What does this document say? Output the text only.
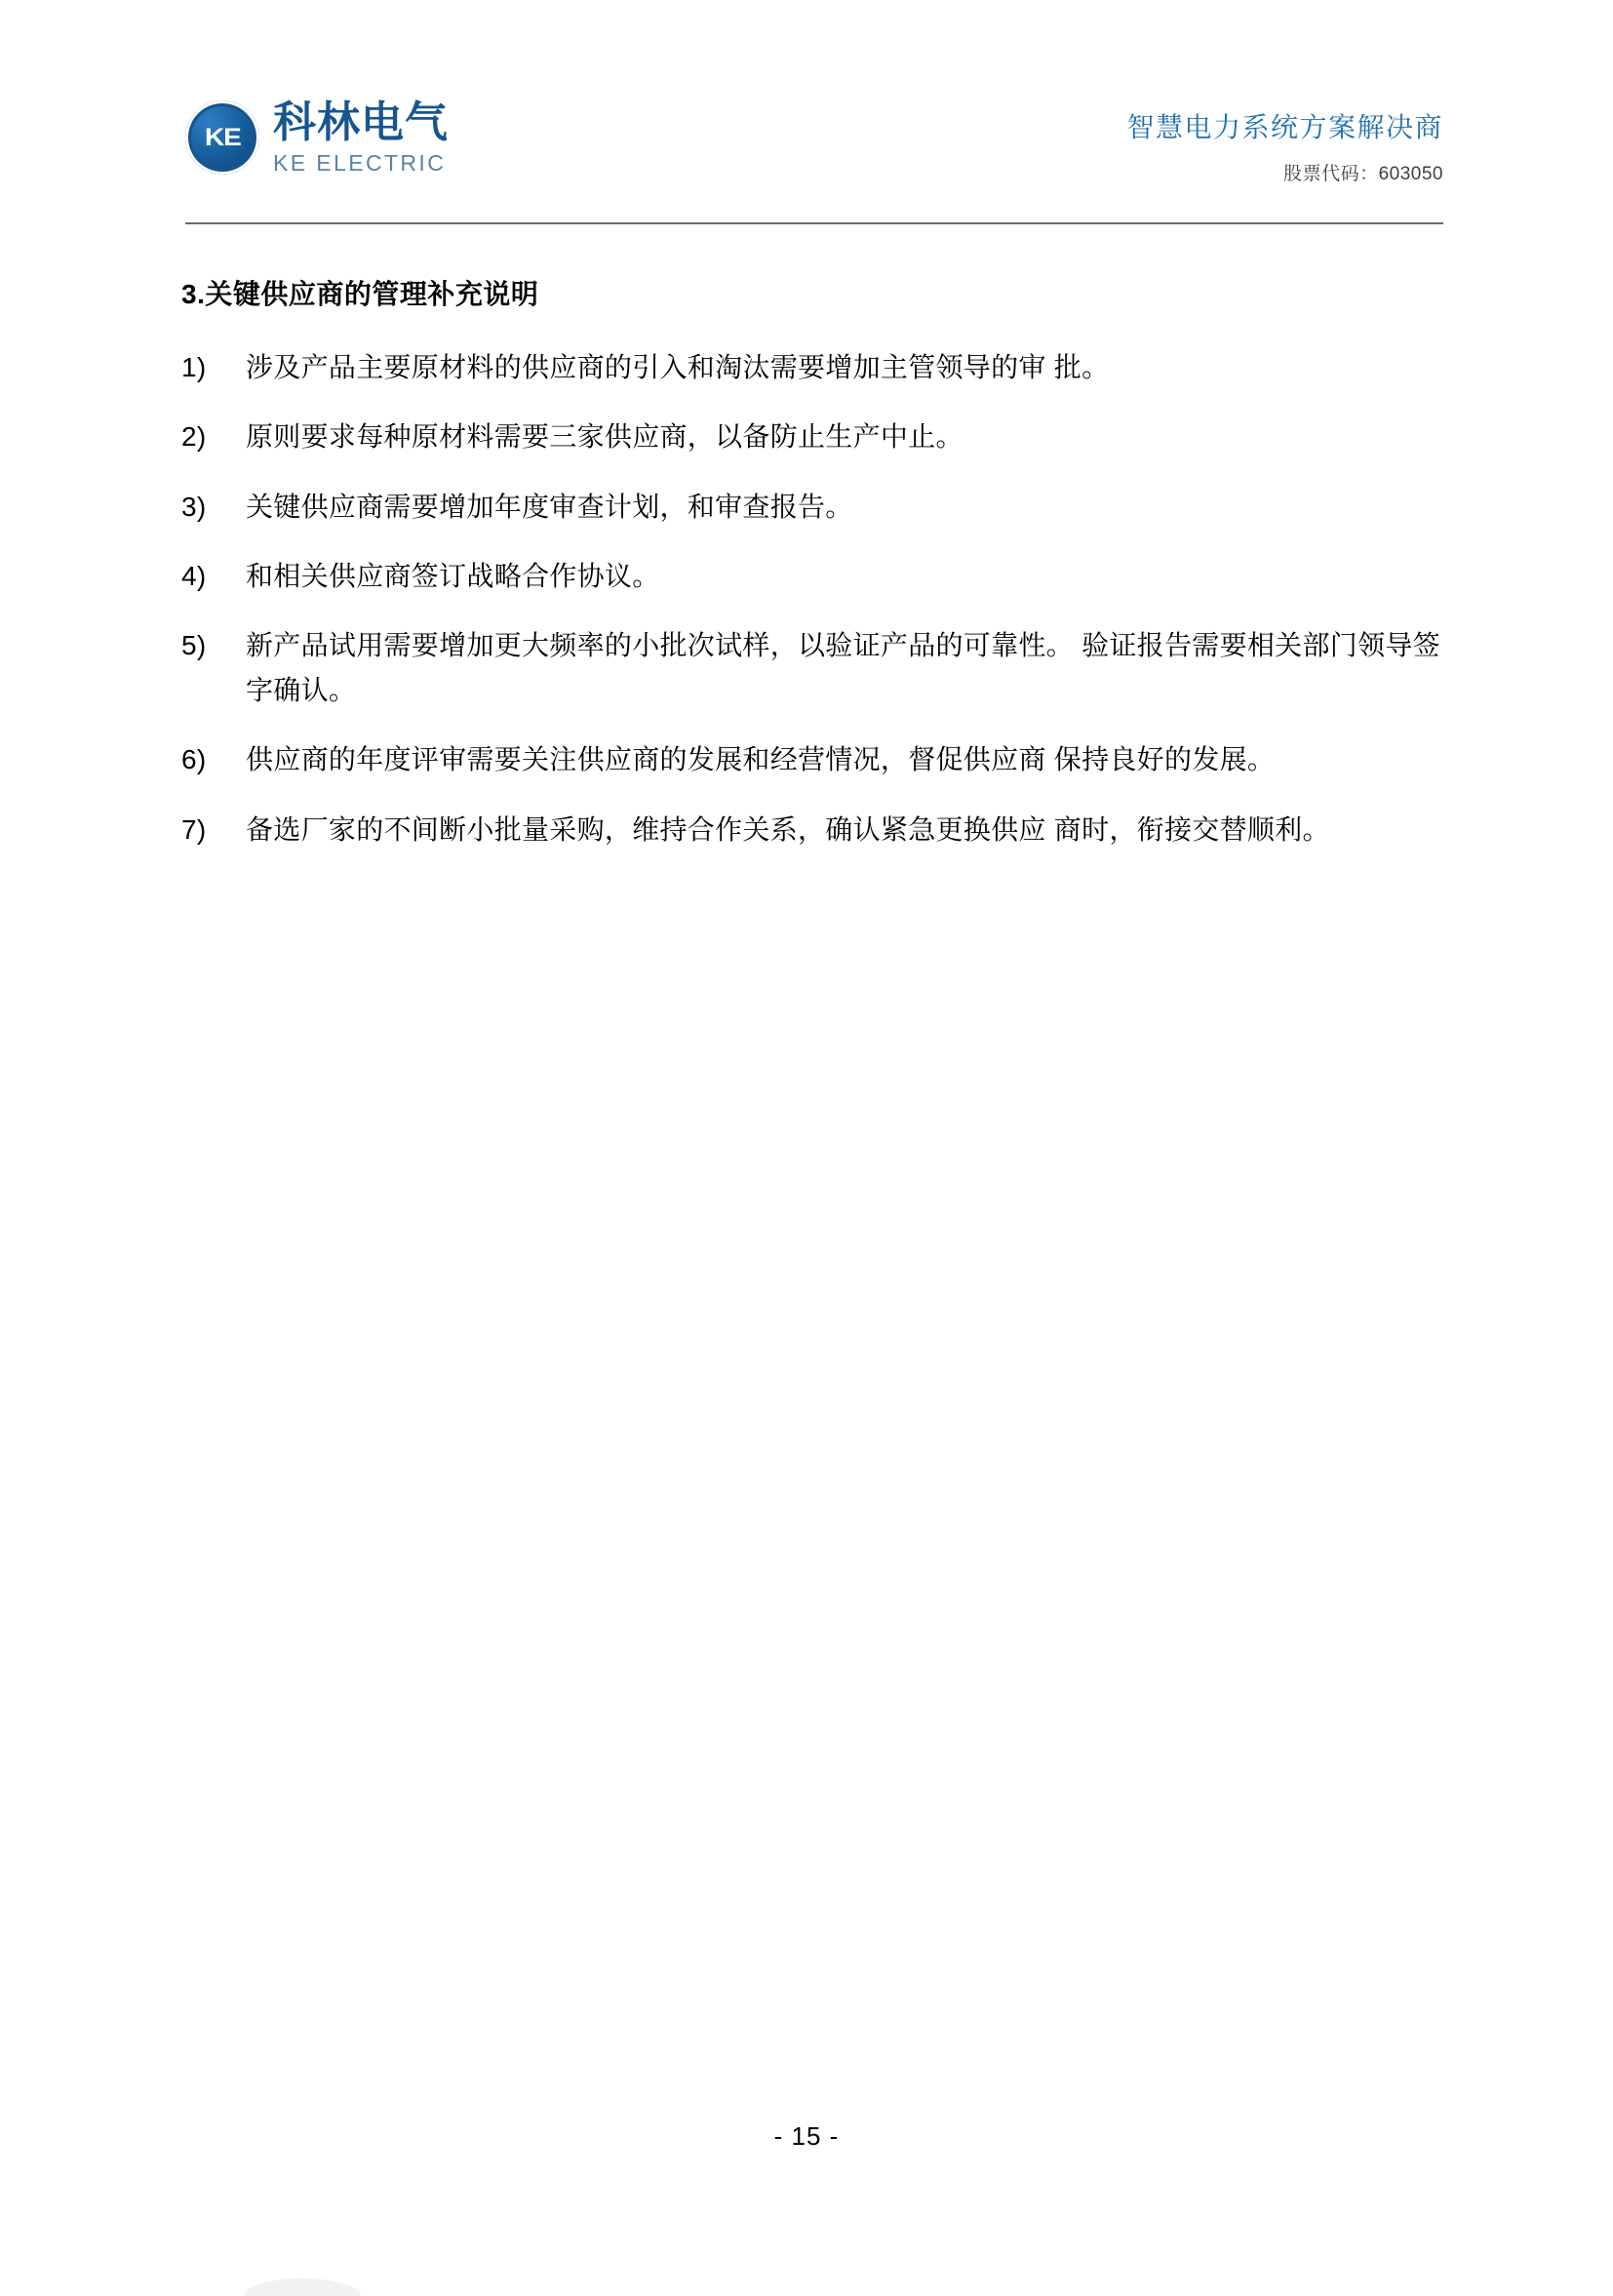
KE 科林电气
KE ELECTRIC
智慧电力系统方案解决商
股票代码：603050
3.关键供应商的管理补充说明
1)	涉及产品主要原材料的供应商的引入和淘汰需要增加主管领导的审 批。
2)	原则要求每种原材料需要三家供应商，以备防止生产中止。
3)	关键供应商需要增加年度审查计划，和审查报告。
4)	和相关供应商签订战略合作协议。
5)	新产品试用需要增加更大频率的小批次试样，以验证产品的可靠性。 验证报告需要相关部门领导签字确认。
6)	供应商的年度评审需要关注供应商的发展和经营情况，督促供应商 保持良好的发展。
7)	备选厂家的不间断小批量采购，维持合作关系，确认紧急更换供应 商时，衔接交替顺利。
- 15 -
